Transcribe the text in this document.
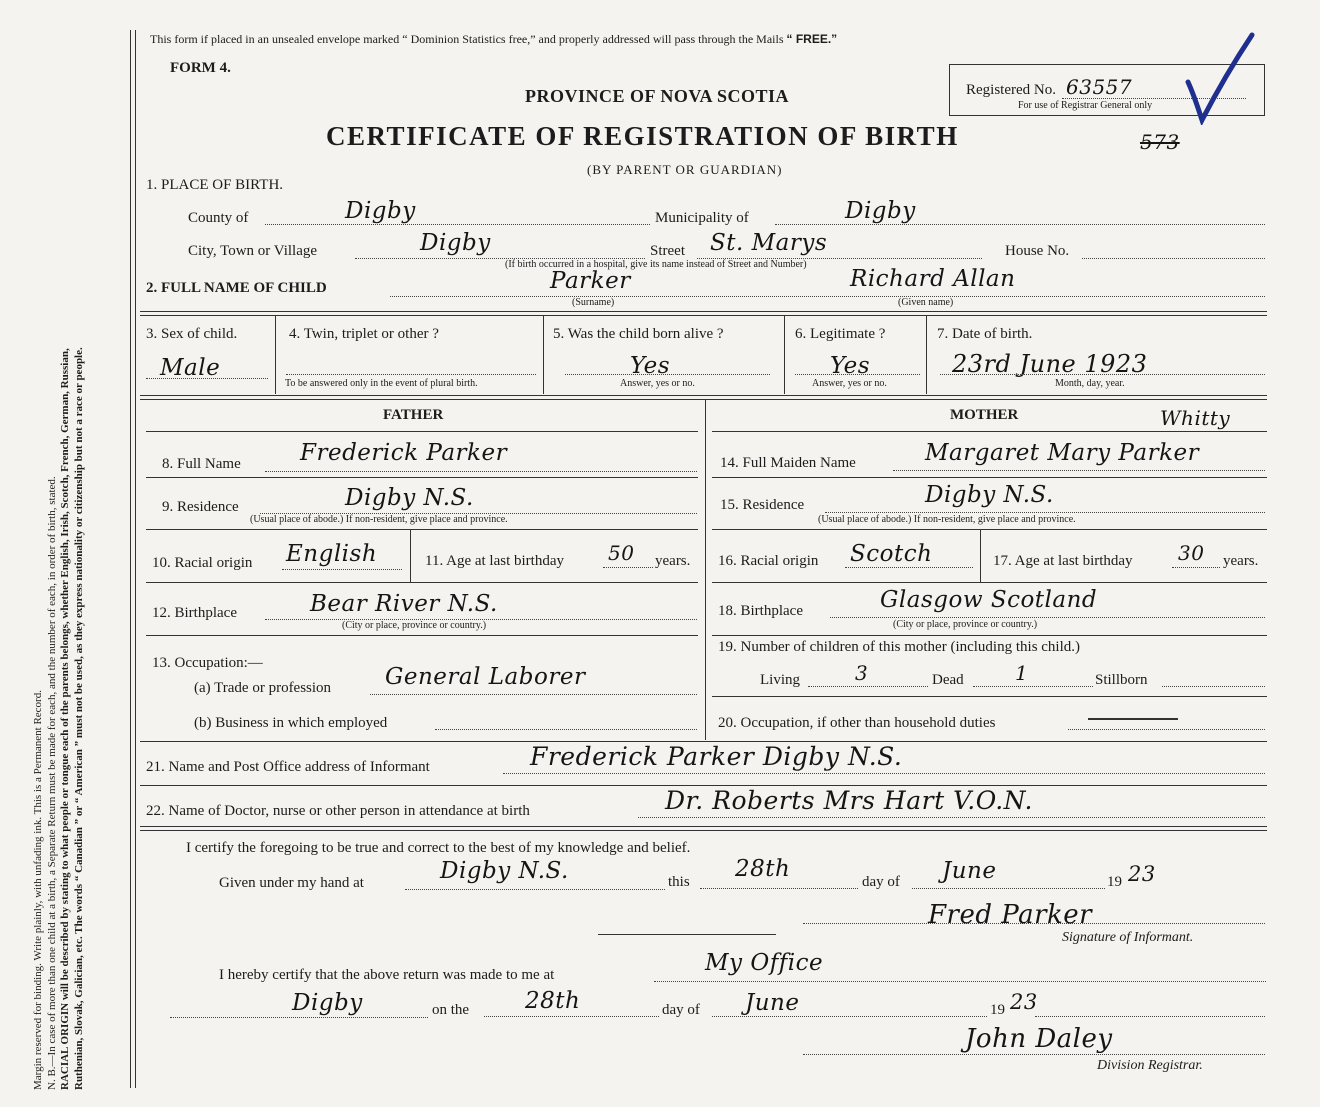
Margin reserved for binding. Write plainly, with unfading ink. This is a Permanent Record. N. B.—In case of more than one child at a birth, a Separate Return must be made for each, and the number of each, in order of birth, stated. RACIAL ORIGIN will be described by stating to what people or tongue each of the parents belongs, whether English, Irish, Scotch, French, German, Russian, Ruthenian, Slovak, Galician, etc. The words “ Canadian ” or “ American ” must not be used, as they express nationality or citizenship but not a race or people.
This form if placed in an unsealed envelope marked “ Dominion Statistics free,” and properly addressed will pass through the Mails “ FREE.”
FORM 4.
PROVINCE OF NOVA SCOTIA
CERTIFICATE OF REGISTRATION OF BIRTH
(BY PARENT OR GUARDIAN)
Registered No. 63557
For use of Registrar General only
573
1. PLACE OF BIRTH.
County of	Digby	Municipality of	Digby
City, Town or Village	Digby	Street St. Marys	House No.
(If birth occurred in a hospital, give its name instead of Street and Number)
2. FULL NAME OF CHILD	Parker
(Surname)
Richard Allan
(Given name)
3. Sex of child.
Male
4. Twin, triplet or other ?
To be answered only in the event of plural birth.
5. Was the child born alive ?
Yes
Answer, yes or no.
6. Legitimate ?
Yes
Answer, yes or no.
7. Date of birth.
23rd June 1923
Month, day, year.
FATHER	MOTHER	Whitty
8. Full Name	Frederick Parker	14. Full Maiden Name	Margaret Mary Parker
9. Residence	Digby N.S.
(Usual place of abode.) If non-resident, give place and province.
15. Residence	Digby N.S.
(Usual place of abode.) If non-resident, give place and province.
10. Racial origin English	11. Age at last birthday 50 years. 16. Racial origin Scotch	17. Age at last birthday 30 years.
12. Birthplace	Bear River N.S.
(City or place, province or country.)
18. Birthplace	Glasgow Scotland
(City or place, province or country.)
13. Occupation:—
(a) Trade or profession General Laborer
(b) Business in which employed
19. Number of children of this mother (including this child.)
Living	3	Dead	1	Stillborn
20. Occupation, if other than household duties
21. Name and Post Office address of Informant	Frederick Parker Digby N.S.
22. Name of Doctor, nurse or other person in attendance at birth	Dr. Roberts Mrs Hart V.O.N.
I certify the foregoing to be true and correct to the best of my knowledge and belief.
Given under my hand at	Digby N.S.	this 28th	day of June	19 23
Fred Parker
Signature of Informant.
I hereby certify that the above return was made to me at	My Office
Digby	on the 28th	day of June	19 23
John Daley
Division Registrar.
